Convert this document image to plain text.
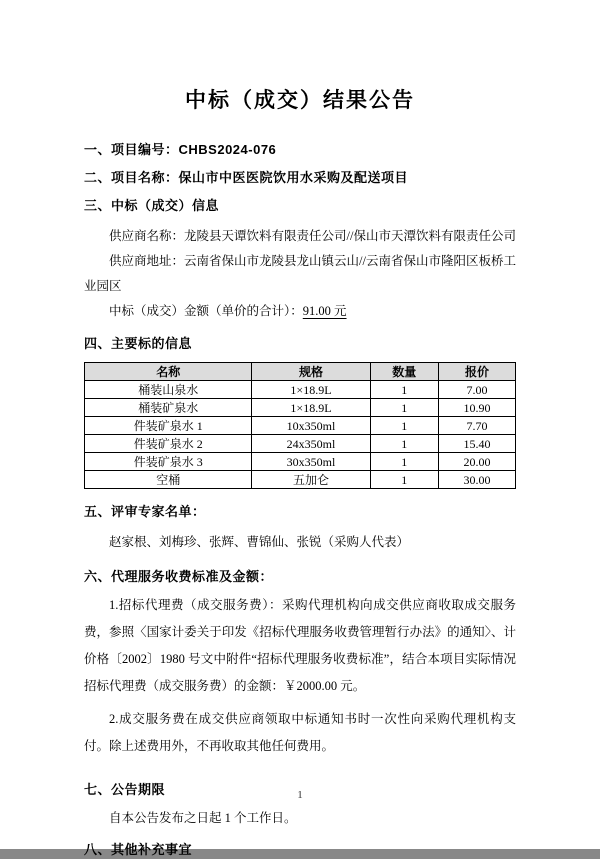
中标（成交）结果公告

一、项目编号：CHBS2024-076

二、项目名称：保山市中医医院饮用水采购及配送项目

三、中标（成交）信息

供应商名称：龙陵县天谭饮料有限责任公司//保山市天潭饮料有限责任公司

供应商地址：云南省保山市龙陵县龙山镇云山//云南省保山市隆阳区板桥工业园区

中标（成交）金额（单价的合计）：91.00 元

四、主要标的信息

名称	规格	数量	报价
桶装山泉水	1×18.9L	1	7.00
桶装矿泉水	1×18.9L	1	10.90
件装矿泉水 1	10x350ml	1	7.70
件装矿泉水 2	24x350ml	1	15.40
件装矿泉水 3	30x350ml	1	20.00
空桶	五加仑	1	30.00

五、评审专家名单：

赵家根、刘梅珍、张辉、曹锦仙、张锐（采购人代表）

六、代理服务收费标准及金额：

1.招标代理费（成交服务费）：采购代理机构向成交供应商收取成交服务费，参照〈国家计委关于印发《招标代理服务收费管理暂行办法》的通知〉、计价格〔2002〕1980 号文中附件“招标代理服务收费标准”，结合本项目实际情况招标代理费（成交服务费）的金额：￥2000.00 元。

2.成交服务费在成交供应商领取中标通知书时一次性向采购代理机构支付。除上述费用外，不再收取其他任何费用。

七、公告期限

自本公告发布之日起 1 个工作日。

八、其他补充事宜

1
